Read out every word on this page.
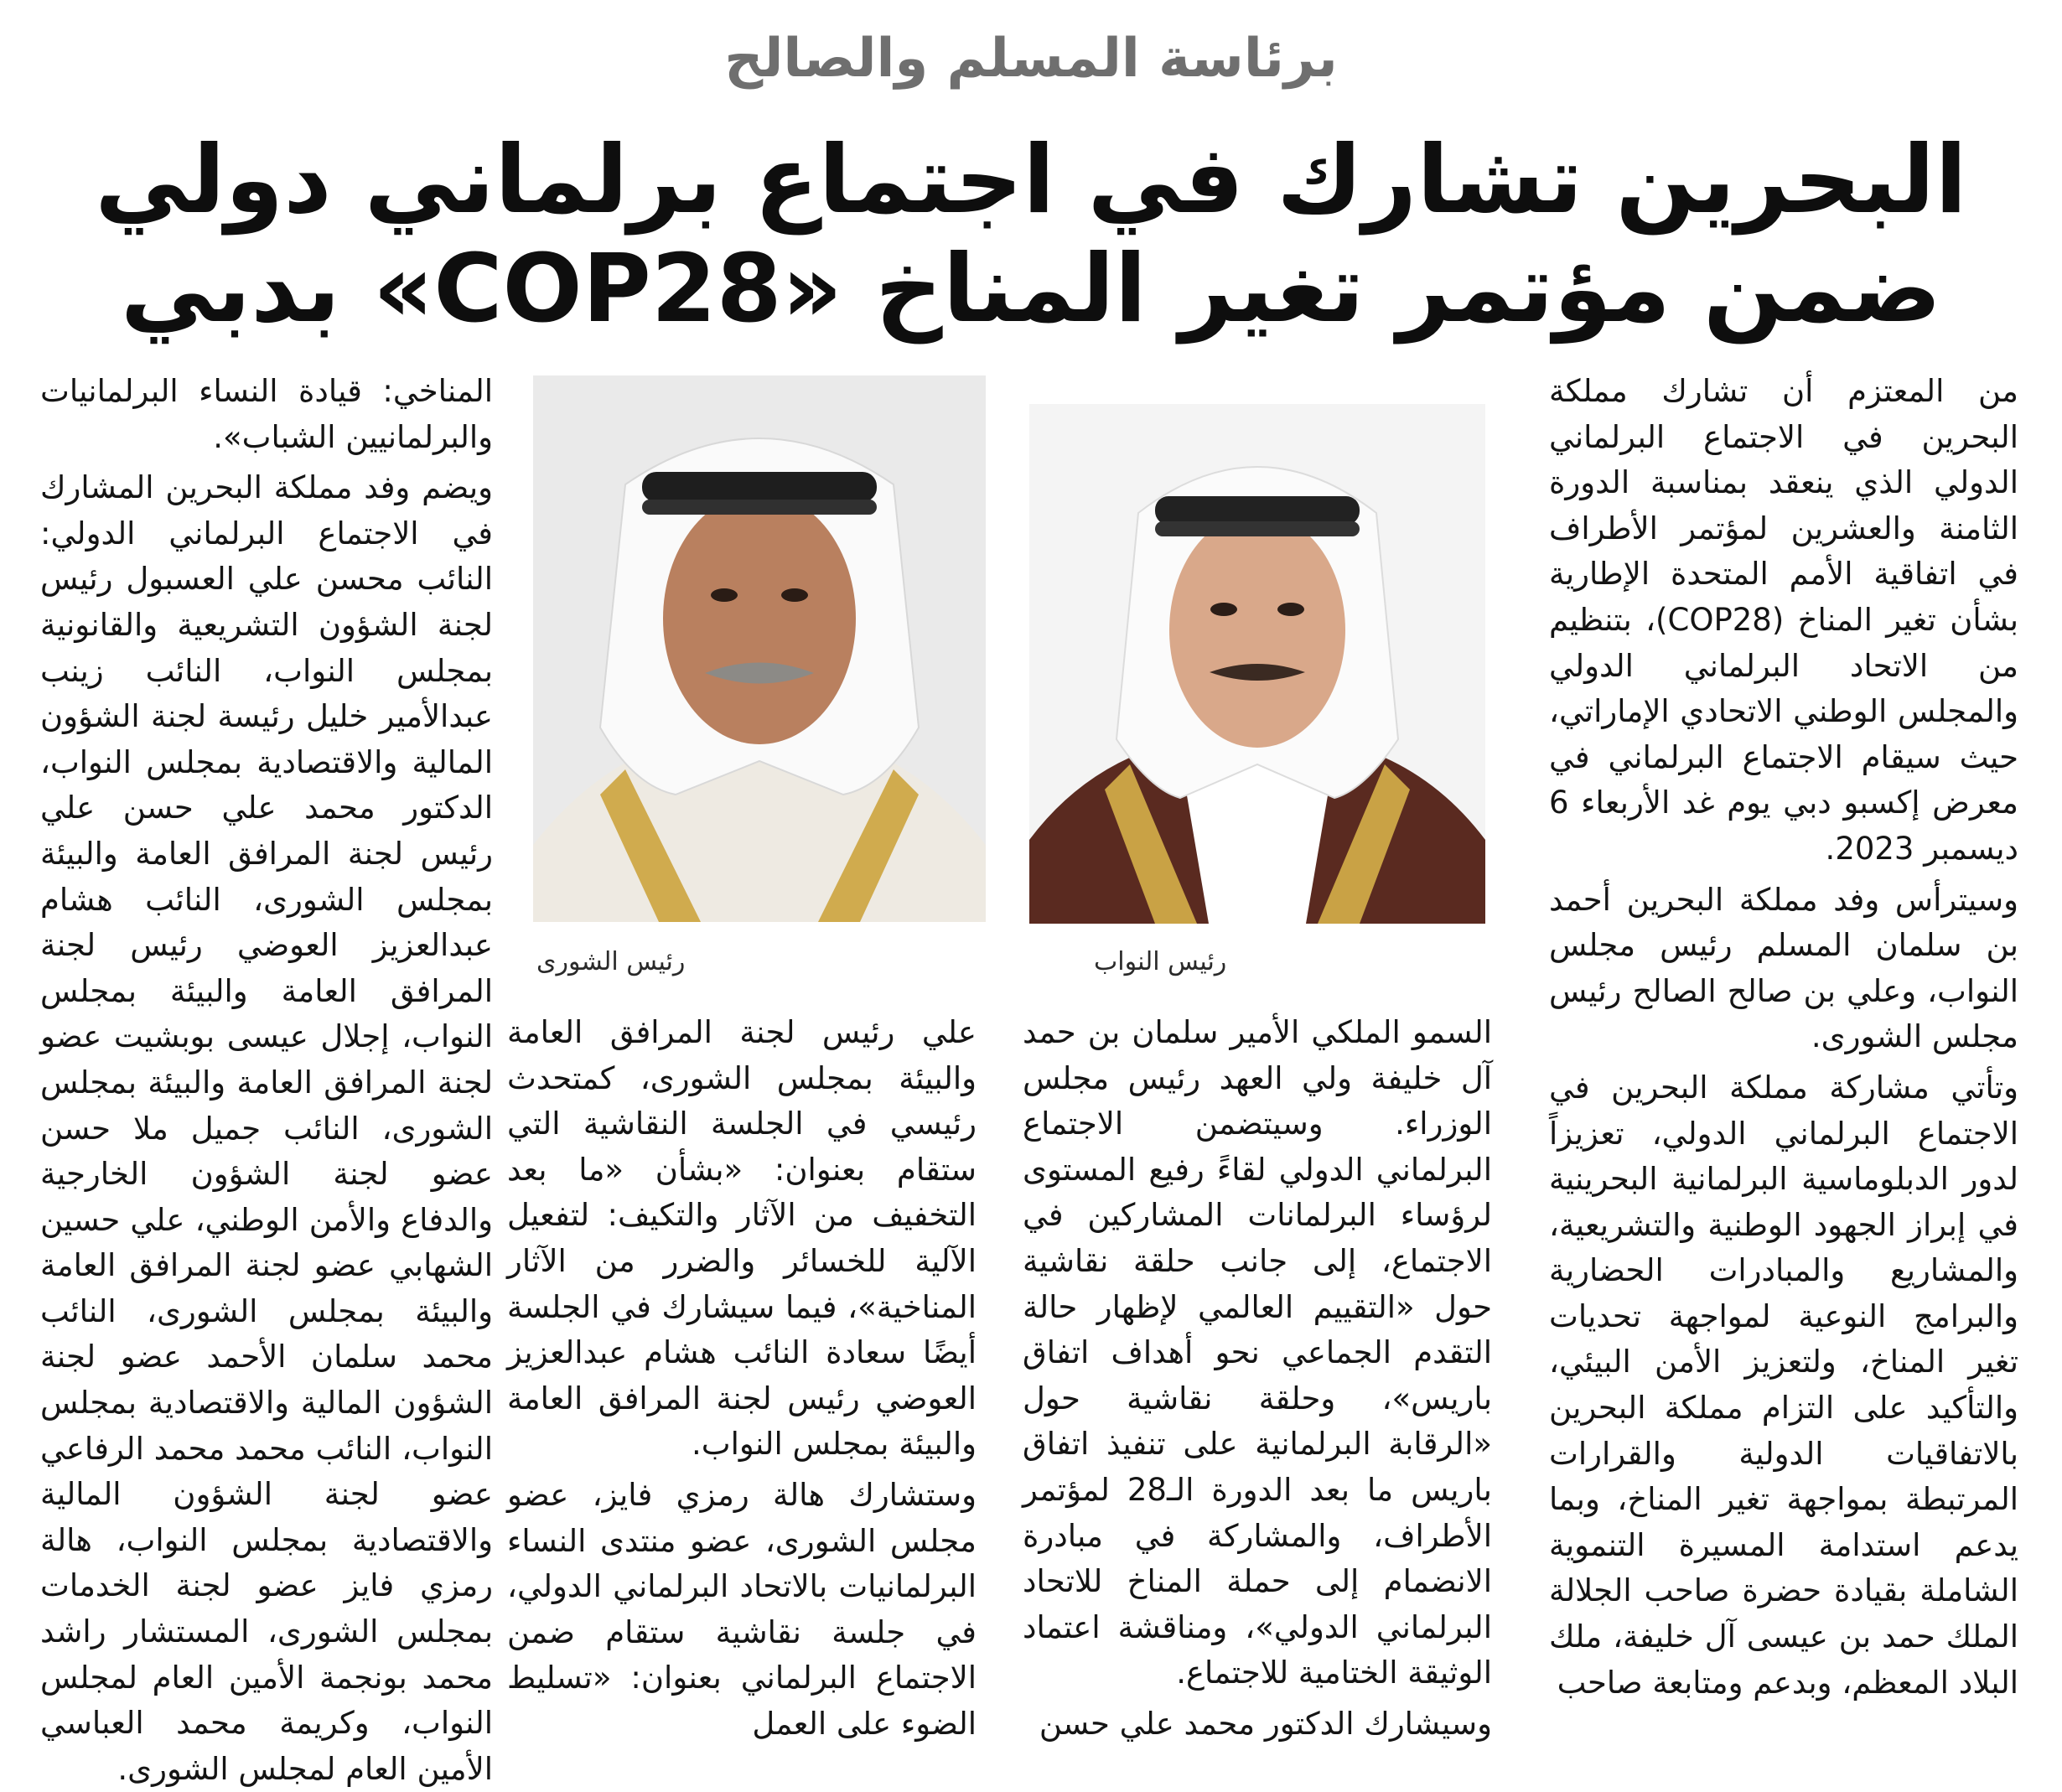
برئاسة المسلم والصالح
البحرين تشارك في اجتماع برلماني دولي
ضمن مؤتمر تغير المناخ «COP28» بدبي

من المعتزم أن تشارك مملكة البحرين في الاجتماع البرلماني الدولي الذي ينعقد بمناسبة الدورة الثامنة والعشرين لمؤتمر الأطراف في اتفاقية الأمم المتحدة الإطارية بشأن تغير المناخ (COP28)، بتنظيم من الاتحاد البرلماني الدولي والمجلس الوطني الاتحادي الإماراتي، حيث سيقام الاجتماع البرلماني في معرض إكسبو دبي يوم غد الأربعاء 6 ديسمبر 2023.

وسيترأس وفد مملكة البحرين أحمد بن سلمان المسلم رئيس مجلس النواب، وعلي بن صالح الصالح رئيس مجلس الشورى.

وتأتي مشاركة مملكة البحرين في الاجتماع البرلماني الدولي، تعزيزاً لدور الدبلوماسية البرلمانية البحرينية في إبراز الجهود الوطنية والتشريعية، والمشاريع والمبادرات الحضارية والبرامج النوعية لمواجهة تحديات تغير المناخ، ولتعزيز الأمن البيئي، والتأكيد على التزام مملكة البحرين بالاتفاقيات الدولية والقرارات المرتبطة بمواجهة تغير المناخ، وبما يدعم استدامة المسيرة التنموية الشاملة بقيادة حضرة صاحب الجلالة الملك حمد بن عيسى آل خليفة، ملك البلاد المعظم، وبدعم ومتابعة صاحب

رئيس النواب
رئيس الشورى

السمو الملكي الأمير سلمان بن حمد آل خليفة ولي العهد رئيس مجلس الوزراء. وسيتضمن الاجتماع البرلماني الدولي لقاءً رفيع المستوى لرؤساء البرلمانات المشاركين في الاجتماع، إلى جانب حلقة نقاشية حول «التقييم العالمي لإظهار حالة التقدم الجماعي نحو أهداف اتفاق باريس»، وحلقة نقاشية حول «الرقابة البرلمانية على تنفيذ اتفاق باريس ما بعد الدورة الـ28 لمؤتمر الأطراف، والمشاركة في مبادرة الانضمام إلى حملة المناخ للاتحاد البرلماني الدولي»، ومناقشة اعتماد الوثيقة الختامية للاجتماع.

وسيشارك الدكتور محمد علي حسن

علي رئيس لجنة المرافق العامة والبيئة بمجلس الشورى، كمتحدث رئيسي في الجلسة النقاشية التي ستقام بعنوان: «بشأن «ما بعد التخفيف من الآثار والتكيف: لتفعيل الآلية للخسائر والضرر من الآثار المناخية»، فيما سيشارك في الجلسة أيضًا سعادة النائب هشام عبدالعزيز العوضي رئيس لجنة المرافق العامة والبيئة بمجلس النواب.

وستشارك هالة رمزي فايز، عضو مجلس الشورى، عضو منتدى النساء البرلمانيات بالاتحاد البرلماني الدولي، في جلسة نقاشية ستقام ضمن الاجتماع البرلماني بعنوان: «تسليط الضوء على العمل

المناخي: قيادة النساء البرلمانيات والبرلمانيين الشباب».

ويضم وفد مملكة البحرين المشارك في الاجتماع البرلماني الدولي: النائب محسن علي العسبول رئيس لجنة الشؤون التشريعية والقانونية بمجلس النواب، النائب زينب عبدالأمير خليل رئيسة لجنة الشؤون المالية والاقتصادية بمجلس النواب، الدكتور محمد علي حسن علي رئيس لجنة المرافق العامة والبيئة بمجلس الشورى، النائب هشام عبدالعزيز العوضي رئيس لجنة المرافق العامة والبيئة بمجلس النواب، إجلال عيسى بوبشيت عضو لجنة المرافق العامة والبيئة بمجلس الشورى، النائب جميل ملا حسن عضو لجنة الشؤون الخارجية والدفاع والأمن الوطني، علي حسين الشهابي عضو لجنة المرافق العامة والبيئة بمجلس الشورى، النائب محمد سلمان الأحمد عضو لجنة الشؤون المالية والاقتصادية بمجلس النواب، النائب محمد محمد الرفاعي عضو لجنة الشؤون المالية والاقتصادية بمجلس النواب، هالة رمزي فايز عضو لجنة الخدمات بمجلس الشورى، المستشار راشد محمد بونجمة الأمين العام لمجلس النواب، وكريمة محمد العباسي الأمين العام لمجلس الشورى.
